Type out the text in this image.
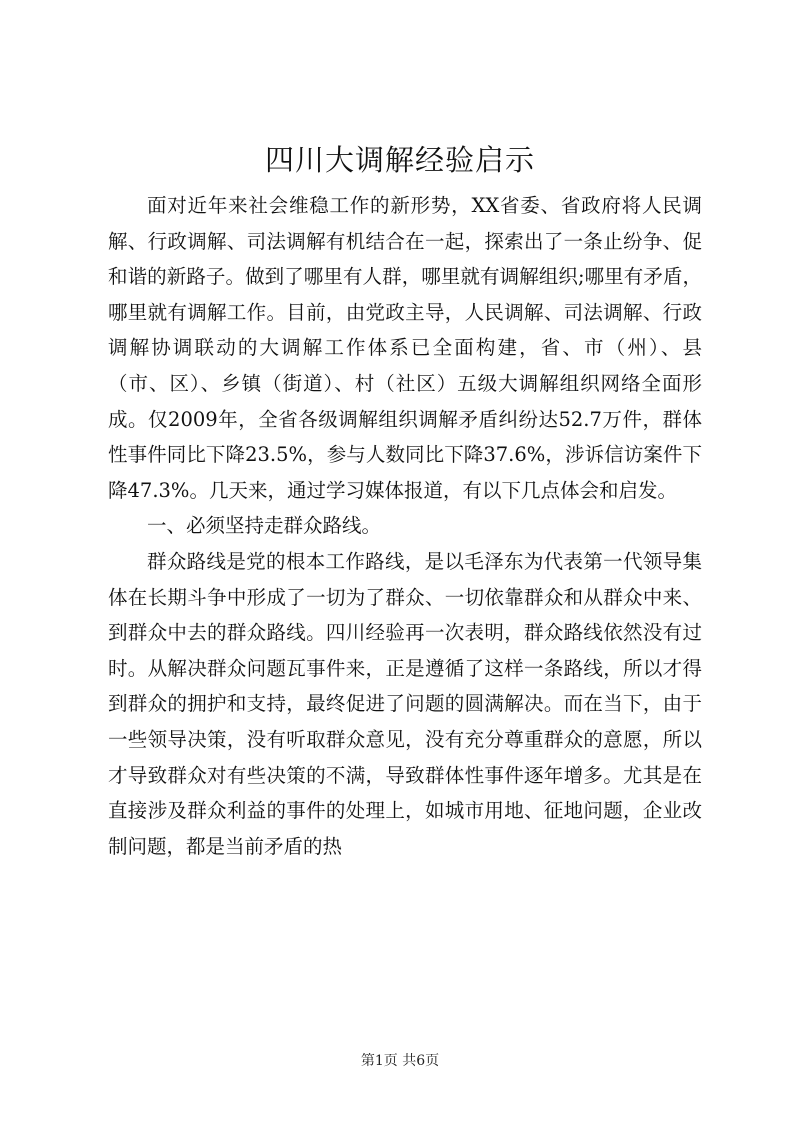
四川大调解经验启示

面对近年来社会维稳工作的新形势，XX省委、省政府将人民调解、行政调解、司法调解有机结合在一起，探索出了一条止纷争、促和谐的新路子。做到了哪里有人群，哪里就有调解组织;哪里有矛盾，哪里就有调解工作。目前，由党政主导，人民调解、司法调解、行政调解协调联动的大调解工作体系已全面构建，省、市（州）、县（市、区）、乡镇（街道）、村（社区）五级大调解组织网络全面形成。仅2009年，全省各级调解组织调解矛盾纠纷达52.7万件，群体性事件同比下降23.5%，参与人数同比下降37.6%，涉诉信访案件下降47.3%。几天来，通过学习媒体报道，有以下几点体会和启发。

一、必须坚持走群众路线。

群众路线是党的根本工作路线，是以毛泽东为代表第一代领导集体在长期斗争中形成了一切为了群众、一切依靠群众和从群众中来、到群众中去的群众路线。四川经验再一次表明，群众路线依然没有过时。从解决群众问题瓦事件来，正是遵循了这样一条路线，所以才得到群众的拥护和支持，最终促进了问题的圆满解决。而在当下，由于一些领导决策，没有听取群众意见，没有充分尊重群众的意愿，所以才导致群众对有些决策的不满，导致群体性事件逐年增多。尤其是在直接涉及群众利益的事件的处理上，如城市用地、征地问题，企业改制问题，都是当前矛盾的热

第1页 共6页
